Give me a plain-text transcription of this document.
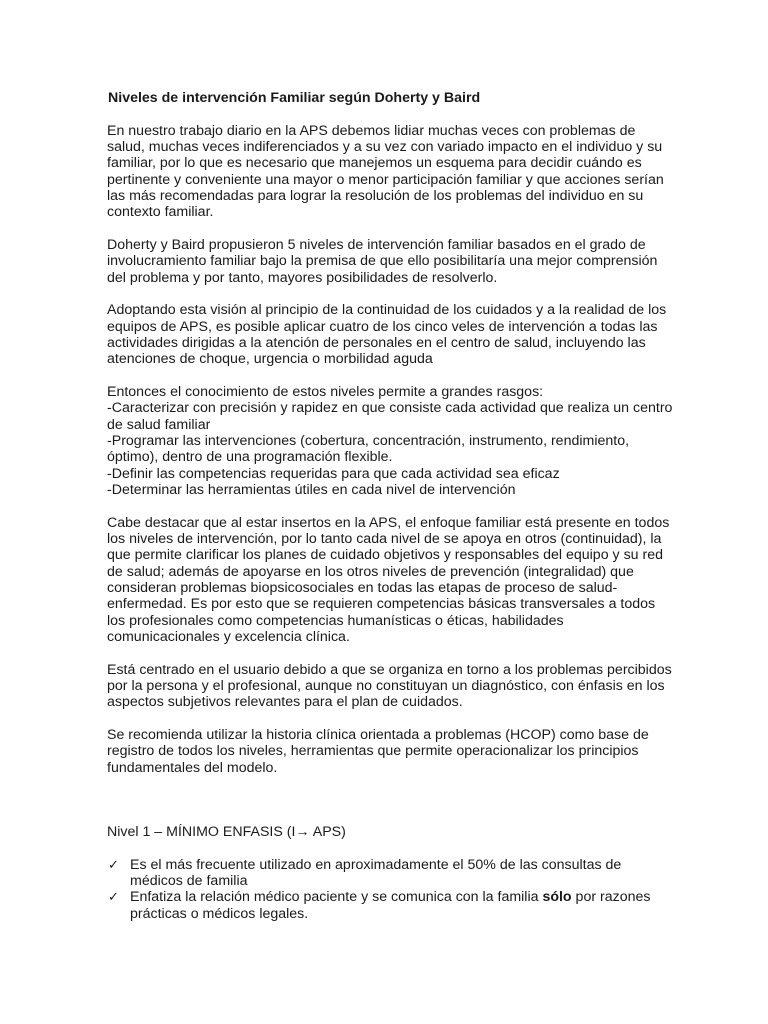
Niveles de intervención Familiar según Doherty y Baird
En nuestro trabajo diario en la APS debemos lidiar muchas veces con problemas de
salud, muchas veces indiferenciados y a su vez con variado impacto en el individuo y su
familiar, por lo que es necesario que manejemos un esquema para decidir cuándo es
pertinente y conveniente una mayor o menor participación familiar y que acciones serían
las más recomendadas para lograr la resolución de los problemas del individuo en su
contexto familiar.
Doherty y Baird propusieron 5 niveles de intervención familiar basados en el grado de
involucramiento familiar bajo la premisa de que ello posibilitaría una mejor comprensión
del problema y por tanto, mayores posibilidades de resolverlo.
Adoptando esta visión al principio de la continuidad de los cuidados y a la realidad de los
equipos de APS, es posible aplicar cuatro de los cinco veles de intervención a todas las
actividades dirigidas a la atención de personales en el centro de salud, incluyendo las
atenciones de choque, urgencia o morbilidad aguda
Entonces el conocimiento de estos niveles permite a grandes rasgos:
-Caracterizar con precisión y rapidez en que consiste cada actividad que realiza un centro
de salud familiar
-Programar las intervenciones (cobertura, concentración, instrumento, rendimiento,
óptimo), dentro de una programación flexible.
-Definir las competencias requeridas para que cada actividad sea eficaz
-Determinar las herramientas útiles en cada nivel de intervención
Cabe destacar que al estar insertos en la APS, el enfoque familiar está presente en todos
los niveles de intervención, por lo tanto cada nivel de se apoya en otros (continuidad), la
que permite clarificar los planes de cuidado objetivos y responsables del equipo y su red
de salud; además de apoyarse en los otros niveles de prevención (integralidad) que
consideran problemas biopsicosociales en todas las etapas de proceso de salud-
enfermedad. Es por esto que se requieren competencias básicas transversales a todos
los profesionales como competencias humanísticas o éticas, habilidades
comunicacionales y excelencia clínica.
Está centrado en el usuario debido a que se organiza en torno a los problemas percibidos
por la persona y el profesional, aunque no constituyan un diagnóstico, con énfasis en los
aspectos subjetivos relevantes para el plan de cuidados.
Se recomienda utilizar la historia clínica orientada a problemas (HCOP) como base de
registro de todos los niveles, herramientas que permite operacionalizar los principios
fundamentales del modelo.
Nivel 1 – MÍNIMO ENFASIS (I→ APS)
✓ Es el más frecuente utilizado en aproximadamente el 50% de las consultas de
médicos de familia
✓ Enfatiza la relación médico paciente y se comunica con la familia sólo por razones
prácticas o médicos legales.
